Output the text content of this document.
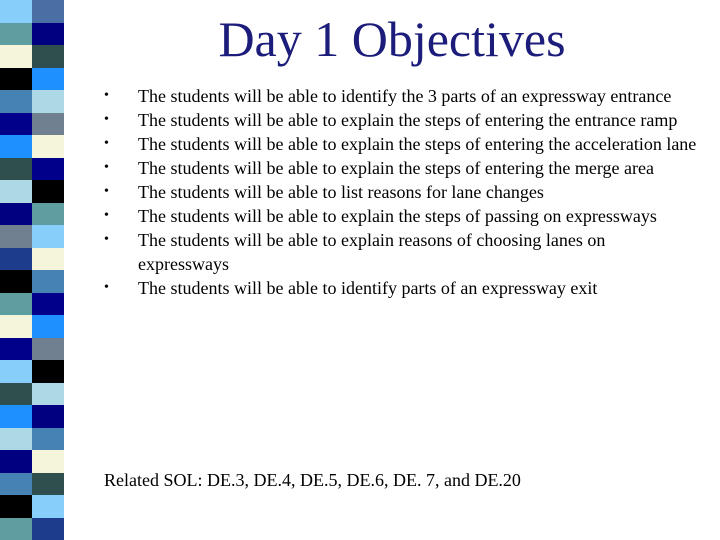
Day 1 Objectives
•	The students will be able to identify the 3 parts of an expressway entrance
•	The students will be able to explain the steps of entering the entrance ramp
•	The students will be able to explain the steps of entering the acceleration lane
•	The students will be able to explain the steps of entering the merge area
•	The students will be able to list reasons for lane changes
•	The students will be able to explain the steps of passing on expressways
•	The students will be able to explain reasons of choosing lanes on expressways
•	The students will be able to identify parts of an expressway exit
Related SOL: DE.3, DE.4, DE.5, DE.6, DE. 7, and DE.20
